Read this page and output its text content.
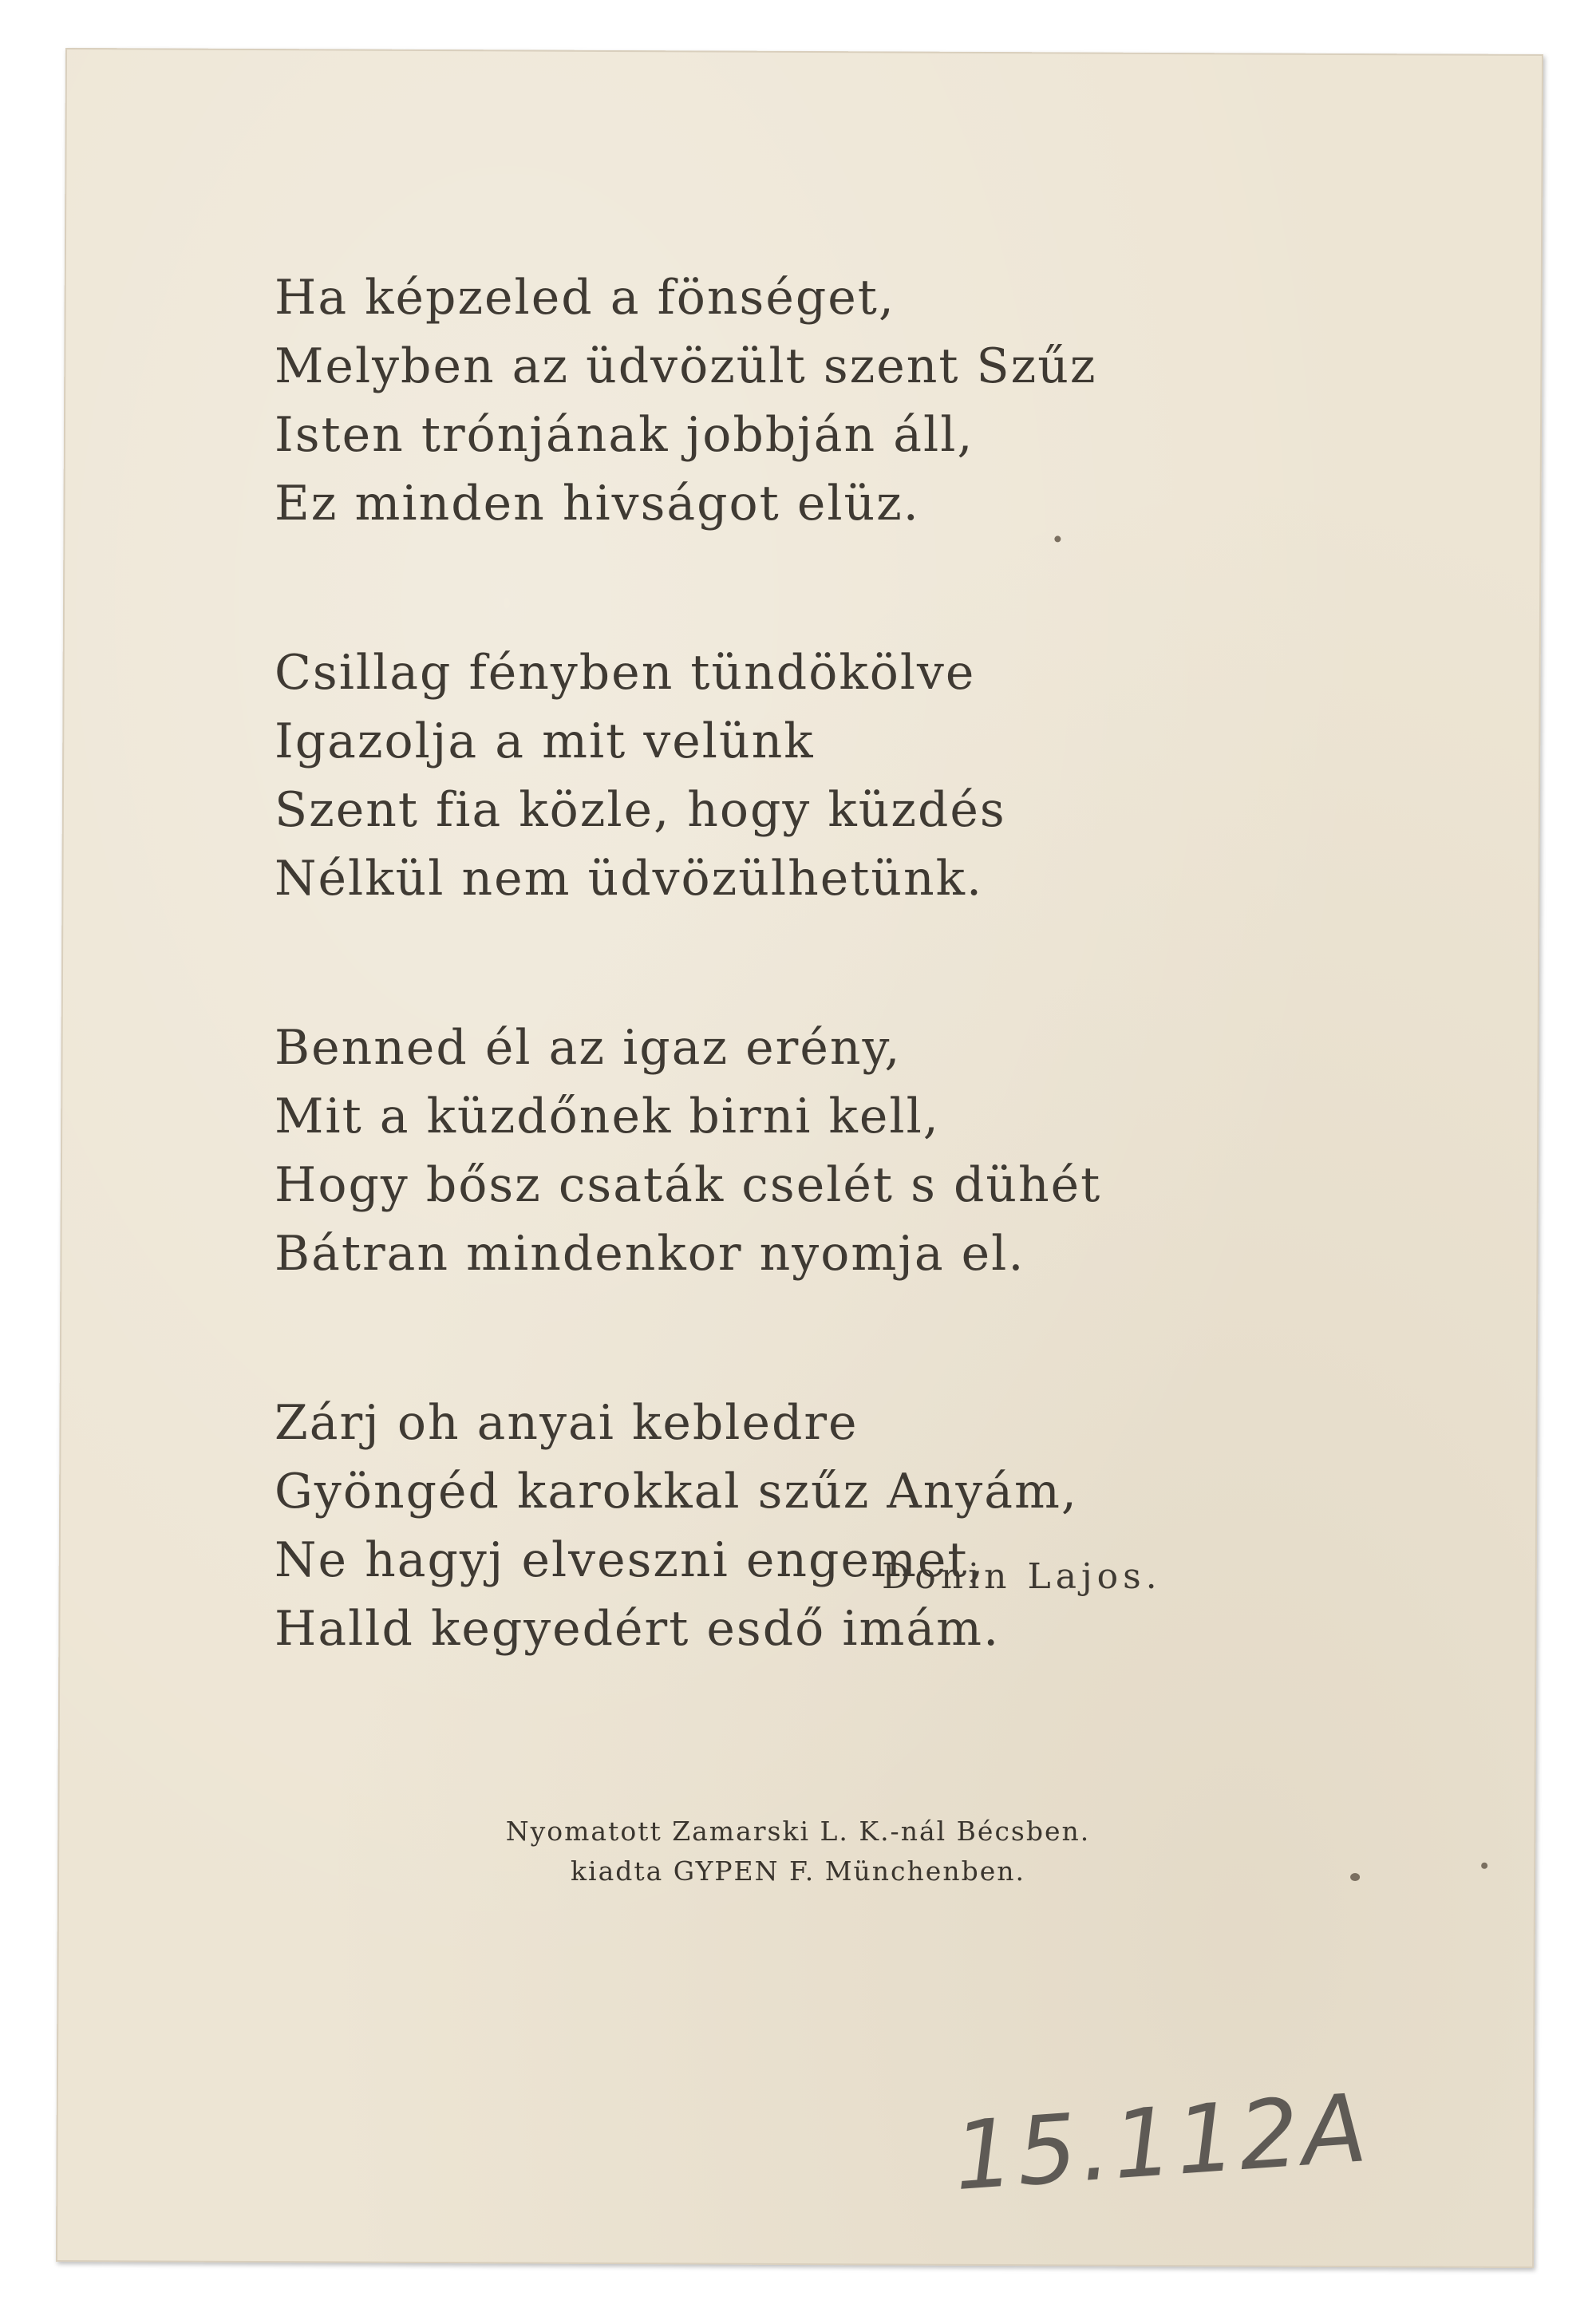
Ha képzeled a fönséget,
Melyben az üdvözült szent Szűz
Isten trónjának jobbján áll,
Ez minden hivságot elüz.
Csillag fényben tündökölve
Igazolja a mit velünk
Szent fia közle, hogy küzdés
Nélkül nem üdvözülhetünk.
Benned él az igaz erény,
Mit a küzdőnek birni kell,
Hogy bősz csaták cselét s dühét
Bátran mindenkor nyomja el.
Zárj oh anyai kebledre
Gyöngéd karokkal szűz Anyám,
Ne hagyj elveszni engemet,
Halld kegyedért esdő imám.
Donin Lajos.
Nyomatott Zamarski L. K.-nál Bécsben.
kiadta GYPEN F. Münchenben.
15.112A
